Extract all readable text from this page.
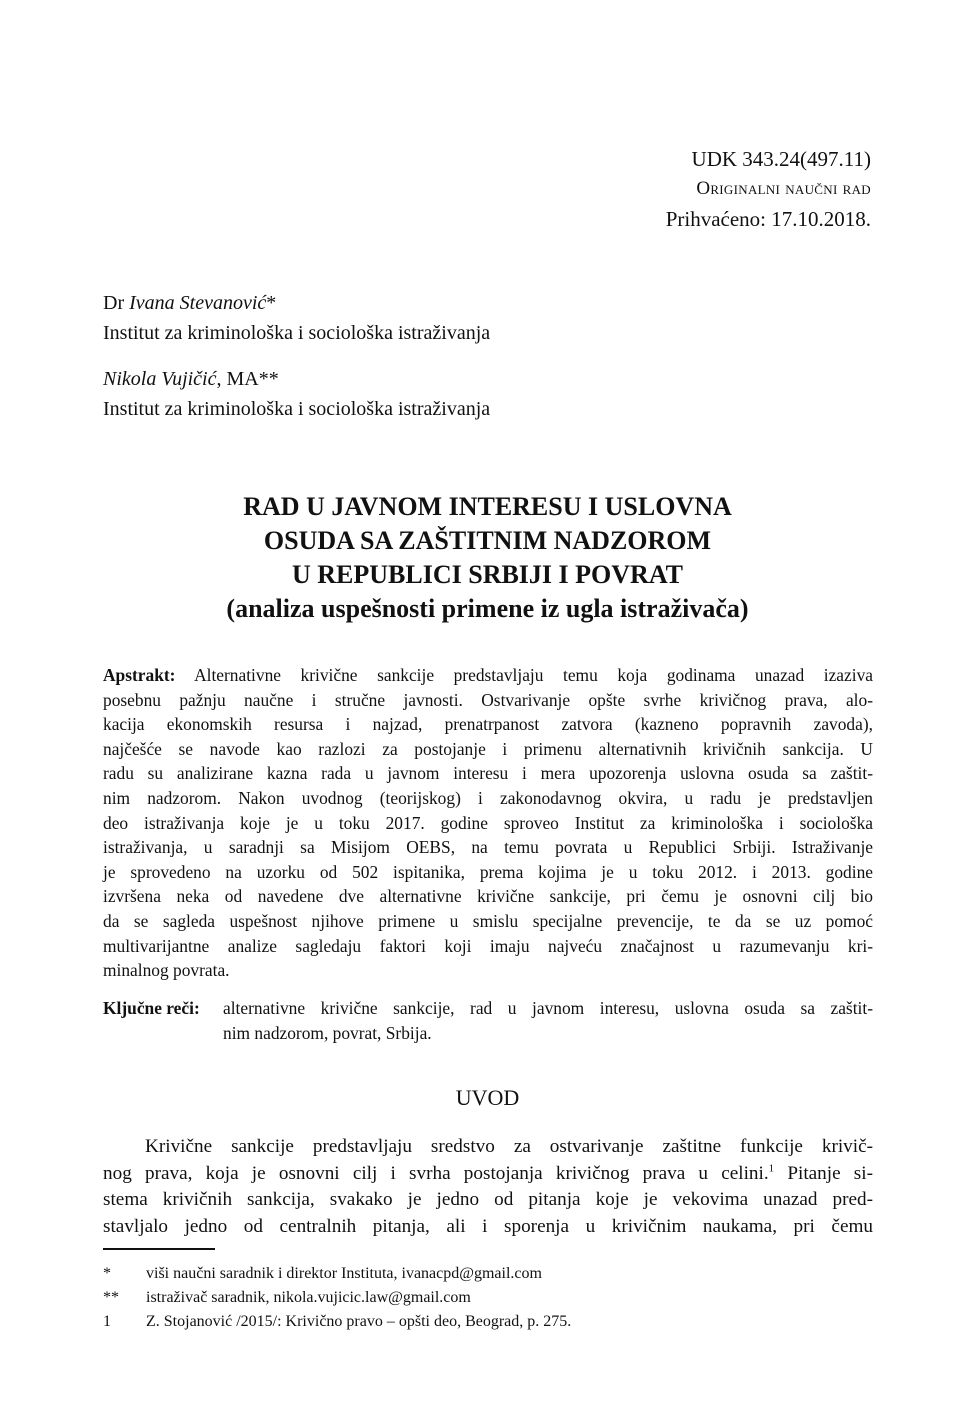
UDK 343.24(497.11)
Originalni naučni rad
Prihvaćeno: 17.10.2018.
Dr Ivana Stevanović*
Institut za kriminološka i sociološka istraživanja
Nikola Vujičić, MA**
Institut za kriminološka i sociološka istraživanja
RAD U JAVNOM INTERESU I USLOVNA
OSUDA SA ZAŠTITNIM NADZOROM
U REPUBLICI SRBIJI I POVRAT
(analiza uspešnosti primene iz ugla istraživača)
Apstrakt: Alternativne krivične sankcije predstavljaju temu koja godinama unazad izaziva
posebnu pažnju naučne i stručne javnosti. Ostvarivanje opšte svrhe krivičnog prava, alo-
kacija ekonomskih resursa i najzad, prenatrpanost zatvora (kazneno popravnih zavoda),
najčešće se navode kao razlozi za postojanje i primenu alternativnih krivičnih sankcija. U
radu su analizirane kazna rada u javnom interesu i mera upozorenja uslovna osuda sa zaštit-
nim nadzorom. Nakon uvodnog (teorijskog) i zakonodavnog okvira, u radu je predstavljen
deo istraživanja koje je u toku 2017. godine sproveo Institut za kriminološka i sociološka
istraživanja, u saradnji sa Misijom OEBS, na temu povrata u Republici Srbiji. Istraživanje
je sprovedeno na uzorku od 502 ispitanika, prema kojima je u toku 2012. i 2013. godine
izvršena neka od navedene dve alternativne krivične sankcije, pri čemu je osnovni cilj bio
da se sagleda uspešnost njihove primene u smislu specijalne prevencije, te da se uz pomoć
multivarijantne analize sagledaju faktori koji imaju najveću značajnost u razumevanju kri-
minalnog povrata.
Ključne reči: alternativne krivične sankcije, rad u javnom interesu, uslovna osuda sa zaštit-
nim nadzorom, povrat, Srbija.
UVOD
Krivične sankcije predstavljaju sredstvo za ostvarivanje zaštitne funkcije krivič-
nog prava, koja je osnovni cilj i svrha postojanja krivičnog prava u celini.$^1$ Pitanje si-
stema krivičnih sankcija, svakako je jedno od pitanja koje je vekovima unazad pred-
stavljalo jedno od centralnih pitanja, ali i sporenja u krivičnim naukama, pri čemu
*	viši naučni saradnik i direktor Instituta, ivanacpd@gmail.com
**	istraživač saradnik, nikola.vujicic.law@gmail.com
1	Z. Stojanović /2015/: Krivično pravo – opšti deo, Beograd, p. 275.
